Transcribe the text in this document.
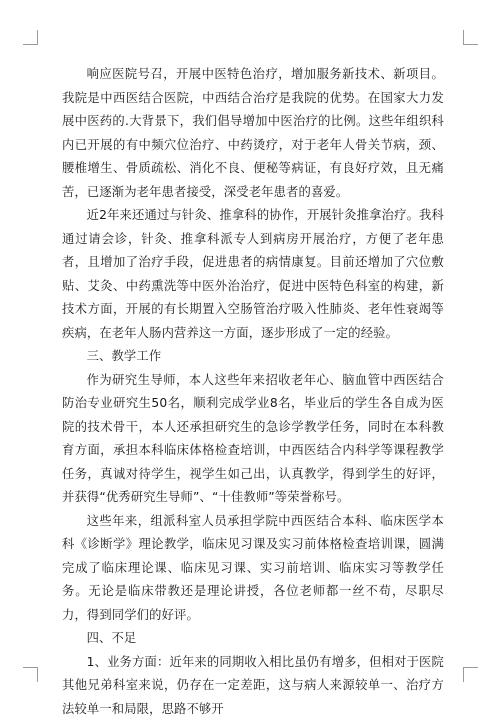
响应医院号召，开展中医特色治疗，增加服务新技术、新项目。我院是中西医结合医院，中西结合治疗是我院的优势。在国家大力发展中医药的.大背景下，我们倡导增加中医治疗的比例。这些年组织科内已开展的有中频穴位治疗、中药烫疗，对于老年人骨关节病，颈、腰椎增生、骨质疏松、消化不良、便秘等病证，有良好疗效，且无痛苦，已逐渐为老年患者接受，深受老年患者的喜爱。

近2年来还通过与针灸、推拿科的协作，开展针灸推拿治疗。我科通过请会诊，针灸、推拿科派专人到病房开展治疗，方便了老年患者，且增加了治疗手段，促进患者的病情康复。目前还增加了穴位敷贴、艾灸、中药熏洗等中医外治治疗，促进中医特色科室的构建，新技术方面，开展的有长期置入空肠管治疗吸入性肺炎、老年性衰竭等疾病，在老年人肠内营养这一方面，逐步形成了一定的经验。

三、教学工作

作为研究生导师，本人这些年来招收老年心、脑血管中西医结合防治专业研究生50名，顺利完成学业8名，毕业后的学生各自成为医院的技术骨干，本人还承担研究生的急诊学教学任务，同时在本科教育方面，承担本科临床体格检查培训，中西医结合内科学等课程教学任务，真诚对待学生，视学生如己出，认真教学，得到学生的好评，并获得“优秀研究生导师”、“十佳教师”等荣誉称号。

这些年来，组派科室人员承担学院中西医结合本科、临床医学本科《诊断学》理论教学，临床见习课及实习前体格检查培训课，圆满完成了临床理论课、临床见习课、实习前培训、临床实习等教学任务。无论是临床带教还是理论讲授，各位老师都一丝不苟，尽职尽力，得到同学们的好评。

四、不足

1、业务方面：近年来的同期收入相比虽仍有增多，但相对于医院其他兄弟科室来说，仍存在一定差距，这与病人来源较单一、治疗方法较单一和局限，思路不够开
